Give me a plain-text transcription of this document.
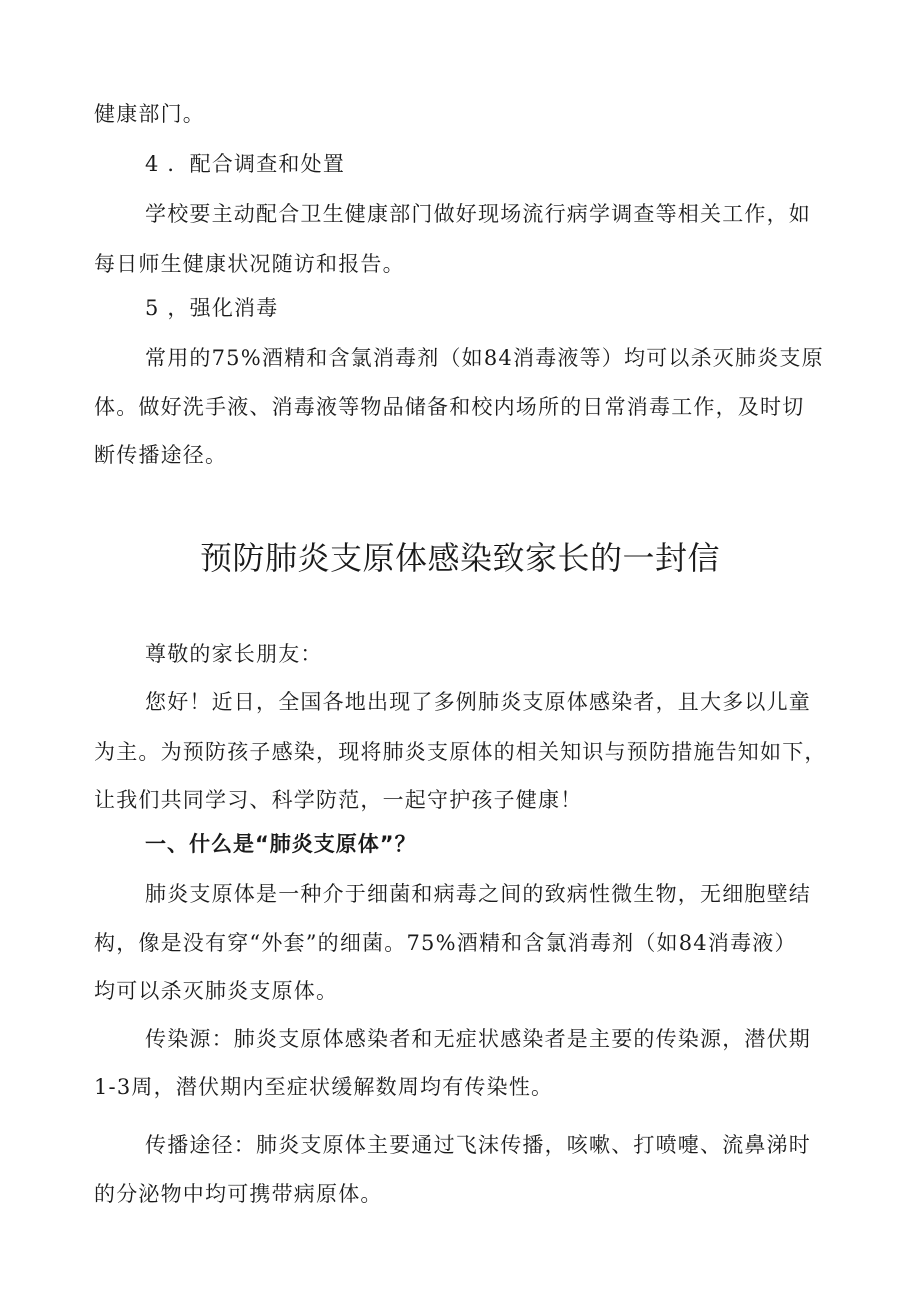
健康部门。
4 ．配合调查和处置
学校要主动配合卫生健康部门做好现场流行病学调查等相关工作，如
每日师生健康状况随访和报告。
5 ，强化消毒
常用的75%酒精和含氯消毒剂（如84消毒液等）均可以杀灭肺炎支原
体。做好洗手液、消毒液等物品储备和校内场所的日常消毒工作，及时切
断传播途径。
预防肺炎支原体感染致家长的一封信
尊敬的家长朋友：
您好！近日，全国各地出现了多例肺炎支原体感染者，且大多以儿童
为主。为预防孩子感染，现将肺炎支原体的相关知识与预防措施告知如下，
让我们共同学习、科学防范，一起守护孩子健康！
一、什么是“肺炎支原体”？
肺炎支原体是一种介于细菌和病毒之间的致病性微生物，无细胞壁结
构，像是没有穿“外套”的细菌。75%酒精和含氯消毒剂（如84消毒液）
均可以杀灭肺炎支原体。
传染源：肺炎支原体感染者和无症状感染者是主要的传染源，潜伏期
1-3周，潜伏期内至症状缓解数周均有传染性。
传播途径：肺炎支原体主要通过飞沫传播，咳嗽、打喷嚏、流鼻涕时
的分泌物中均可携带病原体。
